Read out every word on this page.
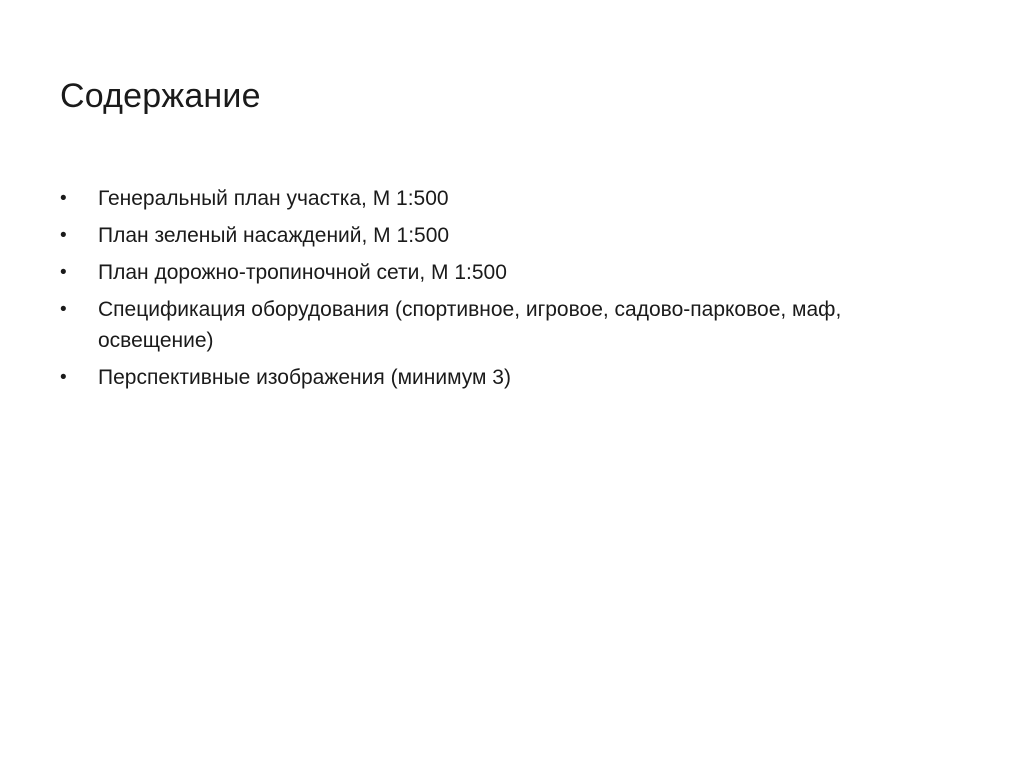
Содержание
•	Генеральный план участка, М 1:500
•	План зеленый насаждений, М 1:500
•	План дорожно-тропиночной сети, М 1:500
•	Спецификация оборудования (спортивное, игровое, садово-парковое, маф, освещение)
•	Перспективные изображения (минимум 3)
